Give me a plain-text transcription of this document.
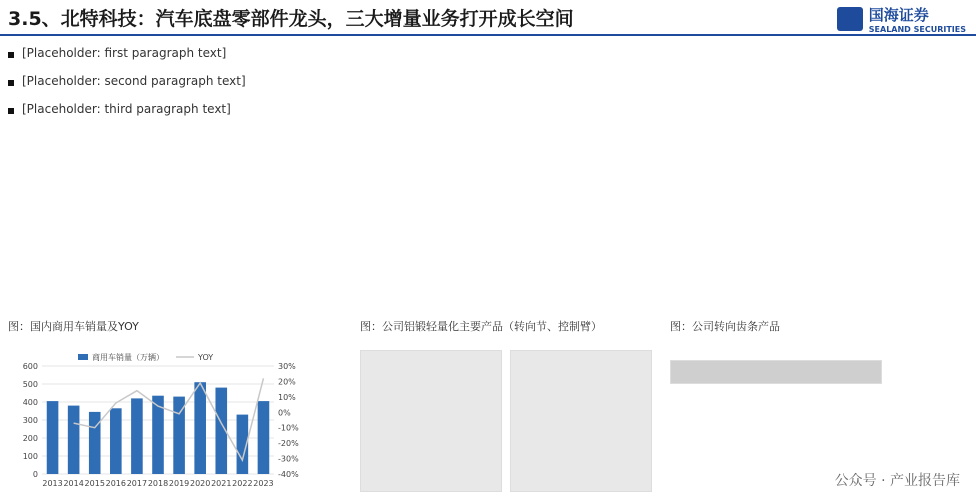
3.5、北特科技：汽车底盘零部件龙头，三大增量业务打开成长空间	国海证券
SEALAND SECURITIES
[Placeholder: first paragraph text]
[Placeholder: second paragraph text]
[Placeholder: third paragraph text]
图：国内商用车销量及YOY	图：公司铝锻轻量化主要产品（转向节、控制臂）	图：公司转向齿条产品
0
100
200
300
400
500
600
-40%
-30%
-20%
-10%
0%
10%
20%
30%
2013 2014 2015 2016 2017 2018 2019 2020 2021 2022 2023
商用车销量（万辆）	YOY
公众号 · 产业报告库
